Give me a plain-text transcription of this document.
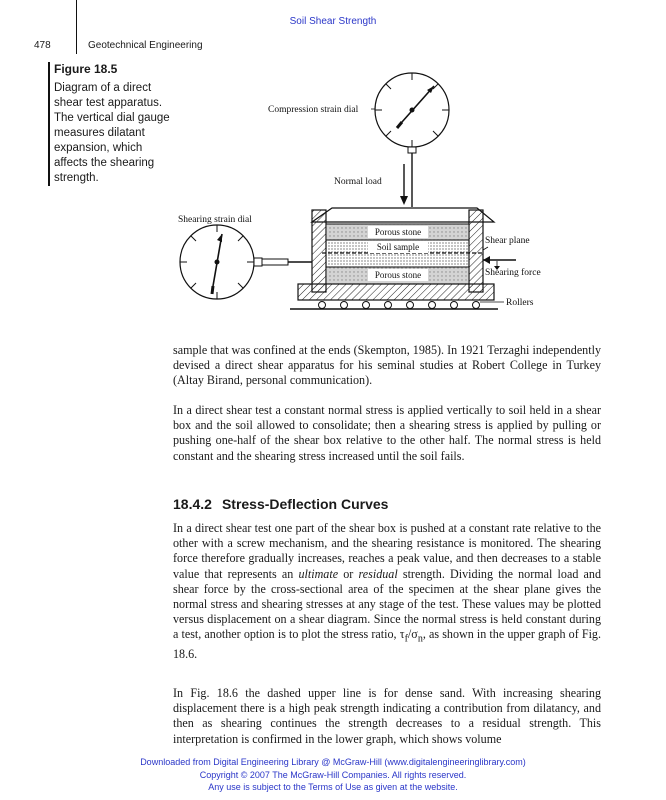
Soil Shear Strength
478	Geotechnical Engineering
Figure 18.5
Diagram of a direct shear test apparatus. The vertical dial gauge measures dilatant expansion, which affects the shearing strength.
Compression strain dial
Normal load
Porous stone
Soil sample
Porous stone
Rollers
Shear plane
Shearing force
Shearing strain dial

sample that was confined at the ends (Skempton, 1985). In 1921 Terzaghi independently devised a direct shear apparatus for his seminal studies at Robert College in Turkey (Altay Birand, personal communication).

In a direct shear test a constant normal stress is applied vertically to soil held in a shear box and the soil allowed to consolidate; then a shearing stress is applied by pulling or pushing one-half of the shear box relative to the other half. The normal stress is held constant and the shearing stress increased until the soil fails.

18.4.2 Stress-Deflection Curves

In a direct shear test one part of the shear box is pushed at a constant rate relative to the other with a screw mechanism, and the shearing resistance is monitored. The shearing force therefore gradually increases, reaches a peak value, and then decreases to a stable value that represents an ultimate or residual strength. Dividing the normal load and shear force by the cross-sectional area of the specimen at the shear plane gives the normal stress and shearing stresses at any stage of the test. These values may be plotted versus displacement on a shear diagram. Since the normal stress is held constant during a test, another option is to plot the stress ratio, $\tau_f/\sigma_n$, as shown in the upper graph of Fig. 18.6.

In Fig. 18.6 the dashed upper line is for dense sand. With increasing shearing displacement there is a high peak strength indicating a contribution from dilatancy, and then as shearing continues the strength decreases to a residual strength. This interpretation is confirmed in the lower graph, which shows volume

Downloaded from Digital Engineering Library @ McGraw-Hill (www.digitalengineeringlibrary.com)
Copyright © 2007 The McGraw-Hill Companies. All rights reserved.
Any use is subject to the Terms of Use as given at the website.
